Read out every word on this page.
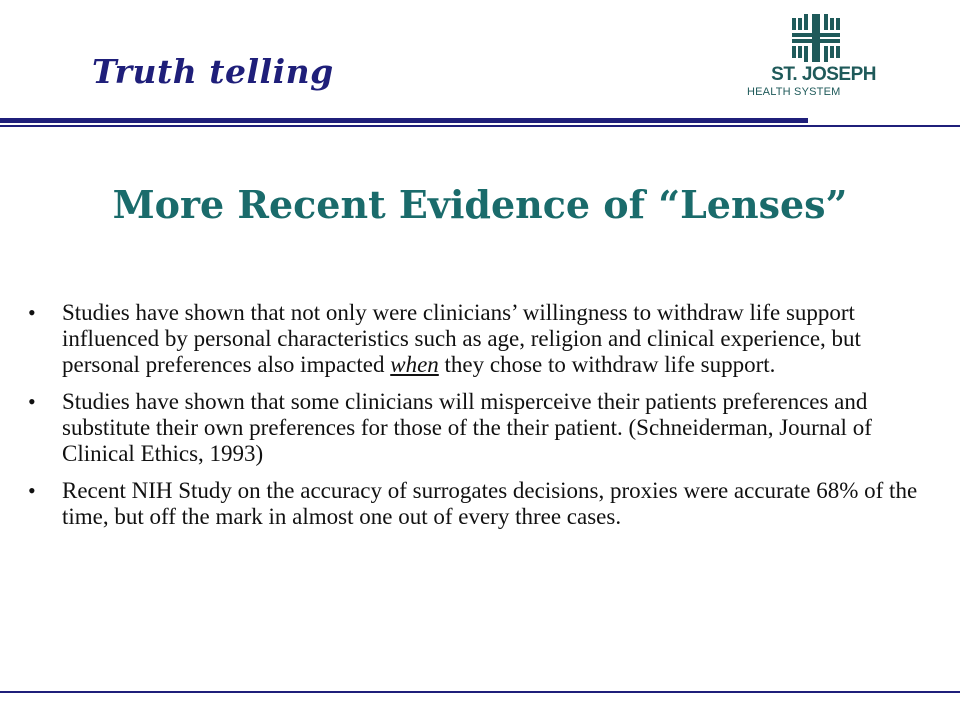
Truth telling	ST. JOSEPH
HEALTH SYSTEM
More Recent Evidence of “Lenses”
• Studies have shown that not only were clinicians’ willingness to withdraw life support influenced by personal characteristics such as age, religion and clinical experience, but personal preferences also impacted when they chose to withdraw life support.
• Studies have shown that some clinicians will misperceive their patients preferences and substitute their own preferences for those of the their patient. (Schneiderman, Journal of Clinical Ethics, 1993)
• Recent NIH Study on the accuracy of surrogates decisions, proxies were accurate 68% of the time, but off the mark in almost one out of every three cases.
